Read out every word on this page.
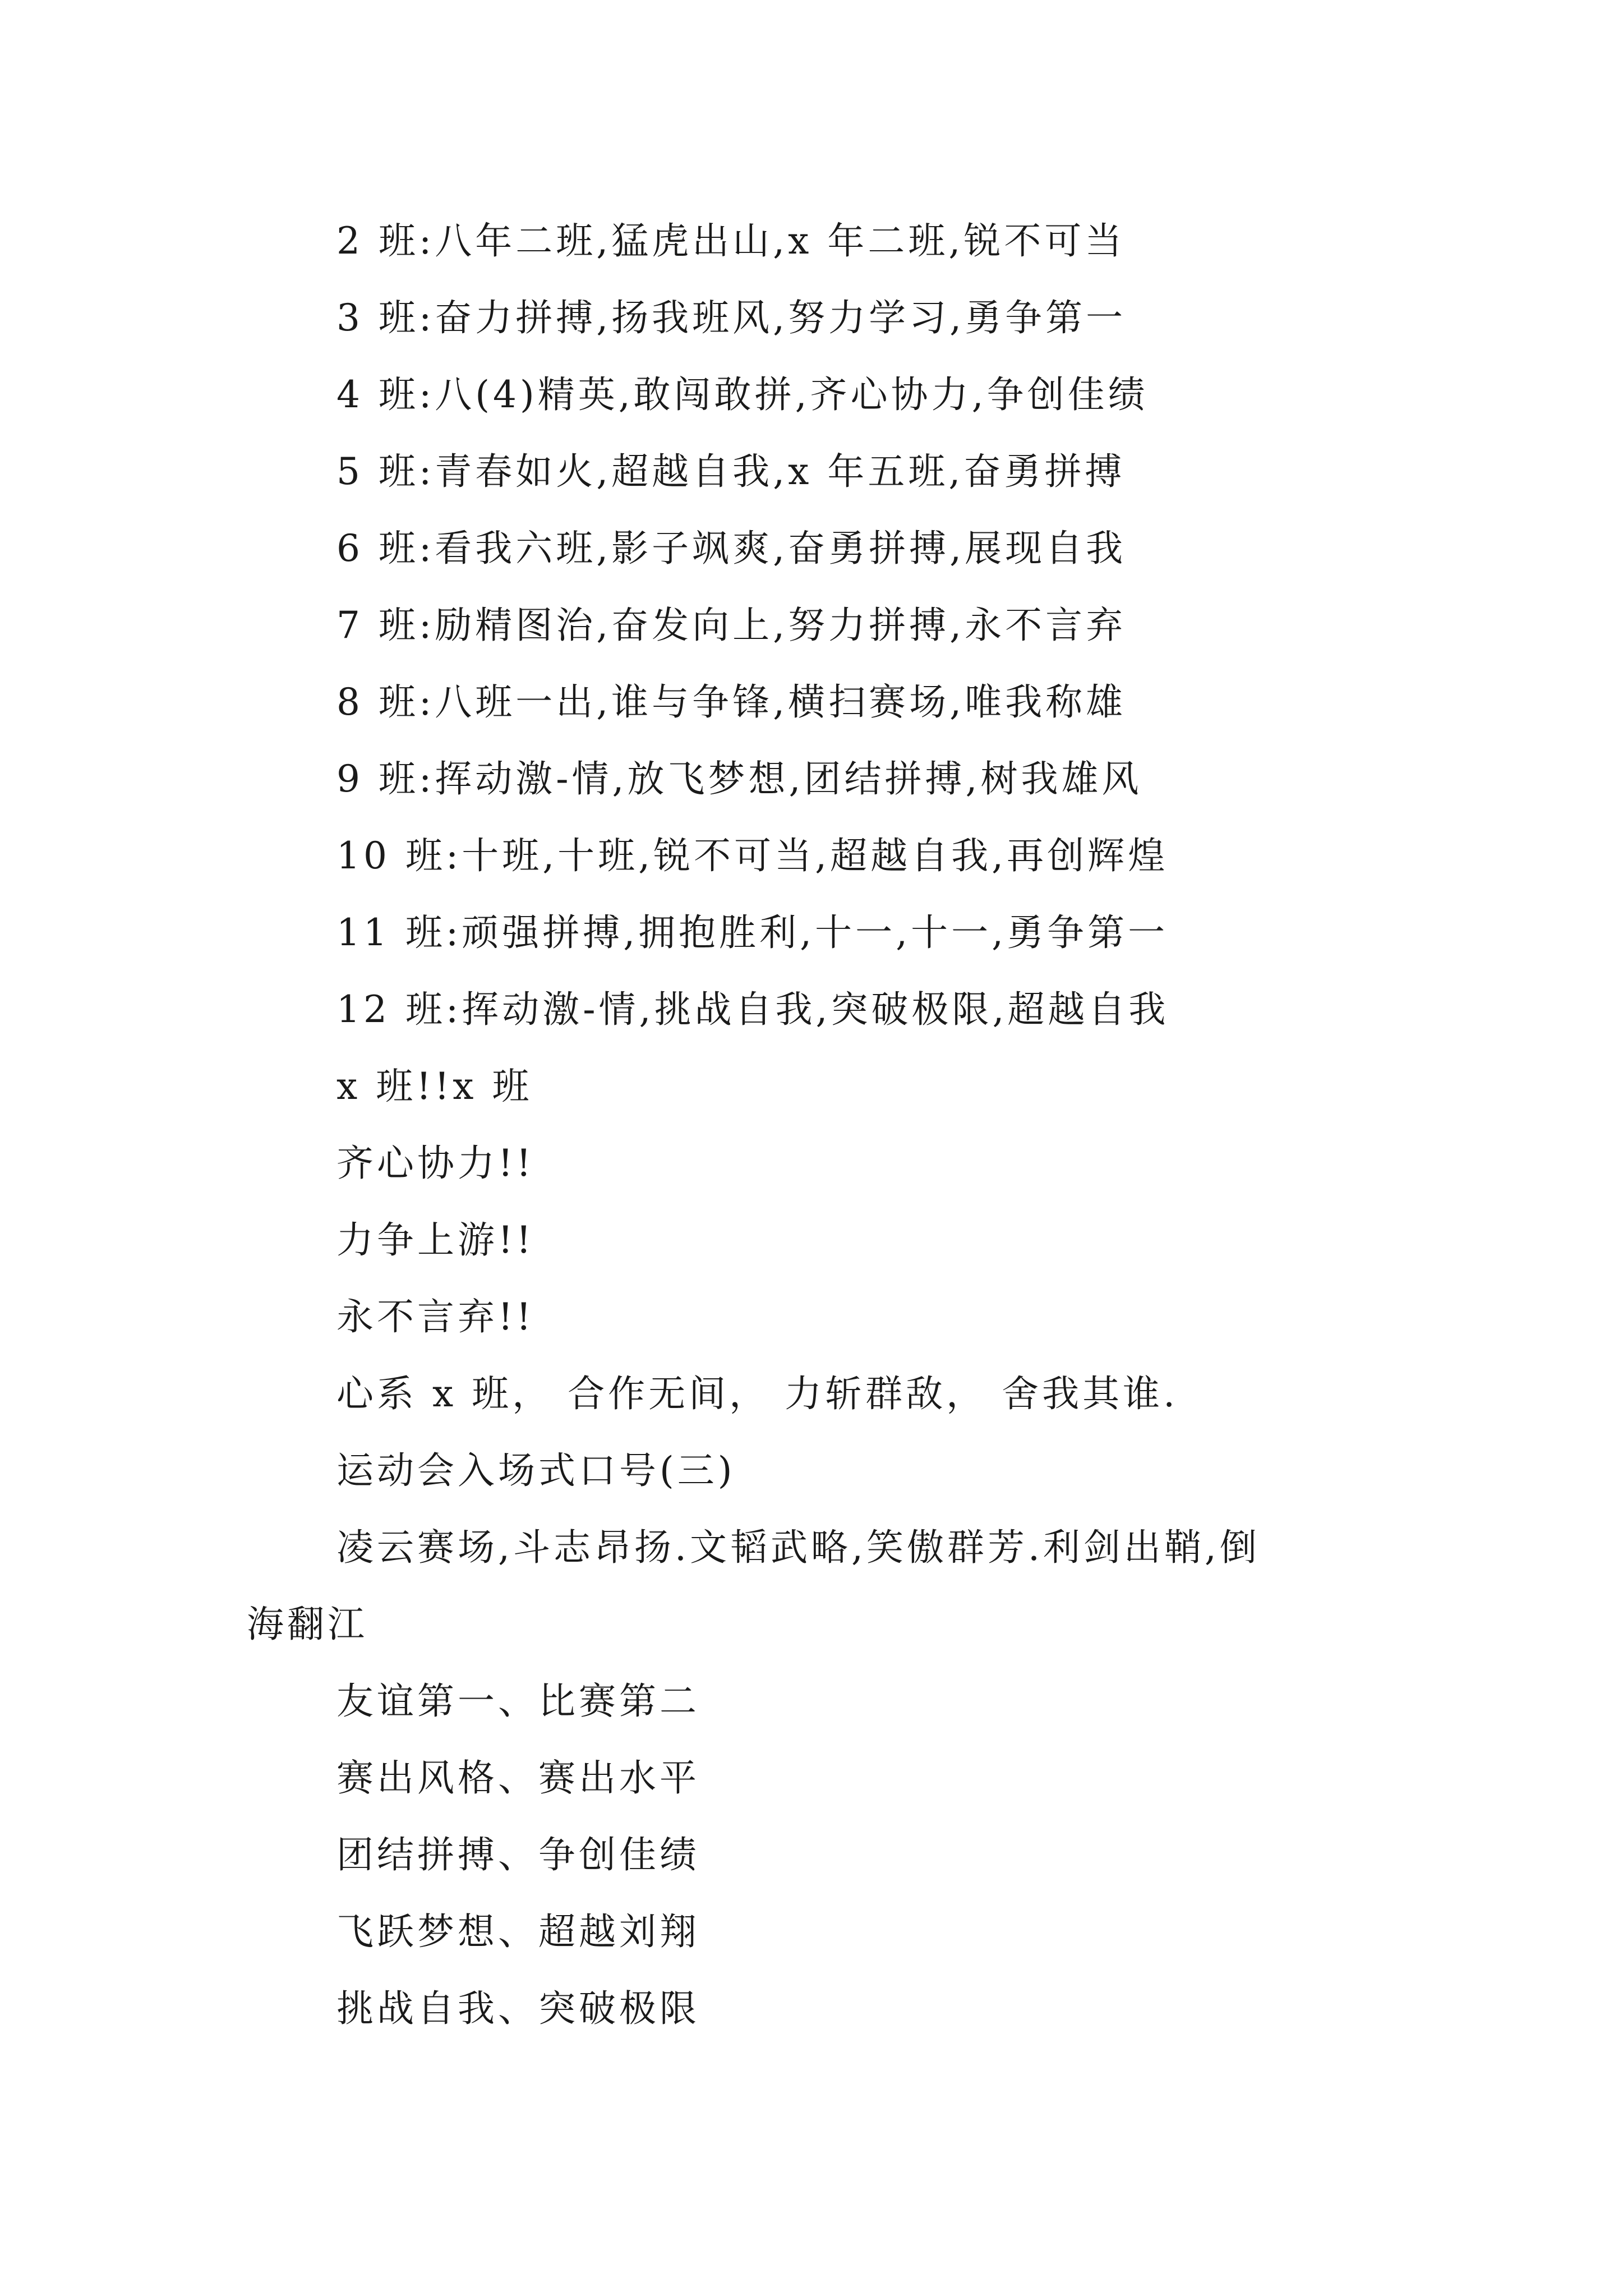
2 班:八年二班,猛虎出山,x 年二班,锐不可当
3 班:奋力拼搏,扬我班风,努力学习,勇争第一
4 班:八(4)精英,敢闯敢拼,齐心协力,争创佳绩
5 班:青春如火,超越自我,x 年五班,奋勇拼搏
6 班:看我六班,影子飒爽,奋勇拼搏,展现自我
7 班:励精图治,奋发向上,努力拼搏,永不言弃
8 班:八班一出,谁与争锋,横扫赛场,唯我称雄
9 班:挥动激-情,放飞梦想,团结拼搏,树我雄风
10 班:十班,十班,锐不可当,超越自我,再创辉煌
11 班:顽强拼搏,拥抱胜利,十一,十一,勇争第一
12 班:挥动激-情,挑战自我,突破极限,超越自我
x 班!!x 班
齐心协力!!
力争上游!!
永不言弃!!
心系 x 班， 合作无间， 力斩群敌， 舍我其谁.
运动会入场式口号(三)
凌云赛场,斗志昂扬.文韬武略,笑傲群芳.利剑出鞘,倒
海翻江
友谊第一、比赛第二
赛出风格、赛出水平
团结拼搏、争创佳绩
飞跃梦想、超越刘翔
挑战自我、突破极限
